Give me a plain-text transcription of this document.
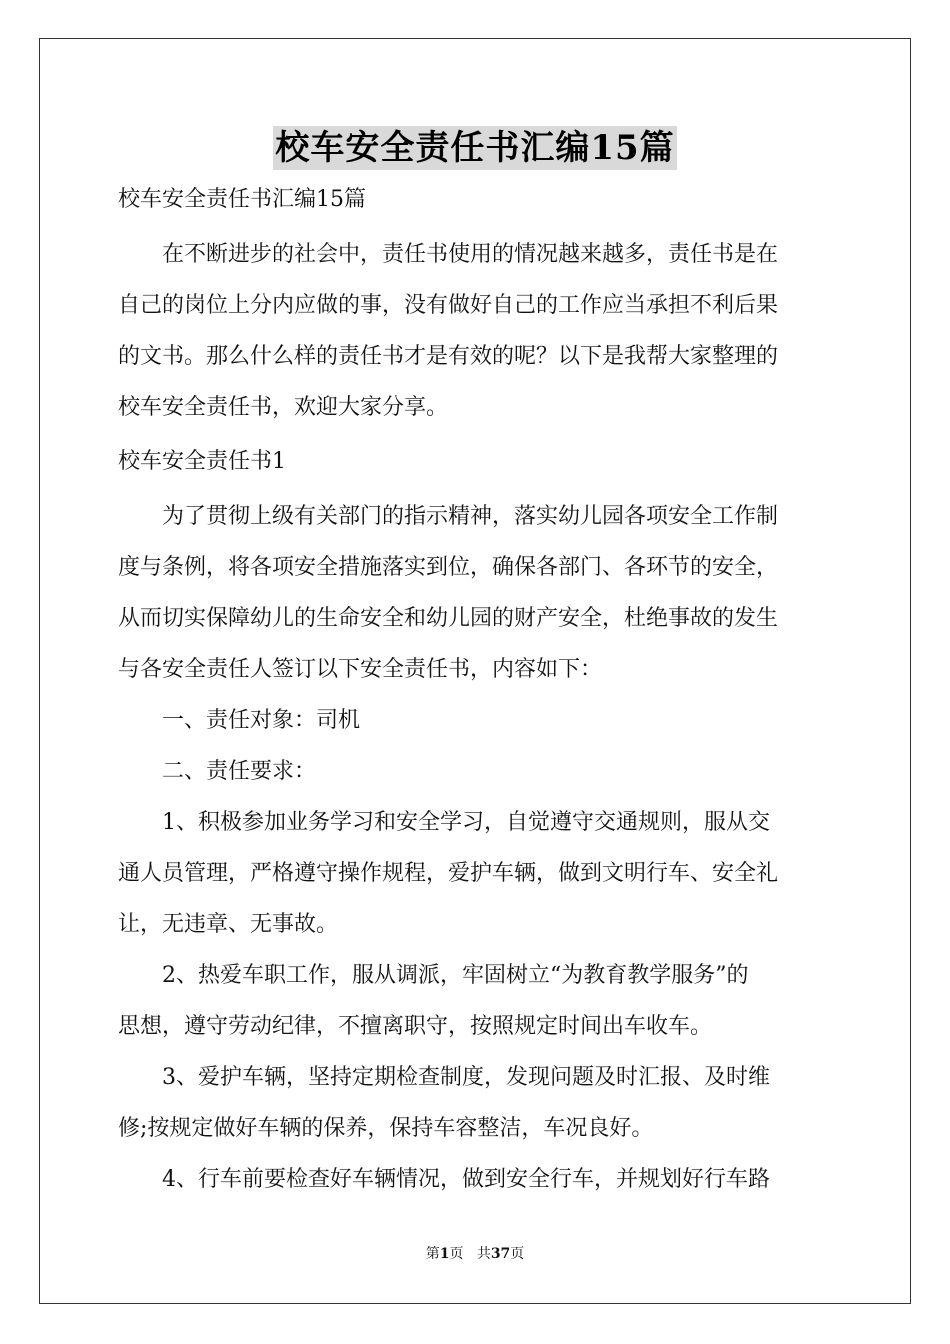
校车安全责任书汇编15篇

校车安全责任书汇编15篇

在不断进步的社会中，责任书使用的情况越来越多，责任书是在

自己的岗位上分内应做的事，没有做好自己的工作应当承担不利后果

的文书。那么什么样的责任书才是有效的呢？以下是我帮大家整理的

校车安全责任书，欢迎大家分享。

校车安全责任书1

为了贯彻上级有关部门的指示精神，落实幼儿园各项安全工作制

度与条例，将各项安全措施落实到位，确保各部门、各环节的安全，

从而切实保障幼儿的生命安全和幼儿园的财产安全，杜绝事故的发生

与各安全责任人签订以下安全责任书，内容如下：

一、责任对象：司机

二、责任要求：

1、积极参加业务学习和安全学习，自觉遵守交通规则，服从交

通人员管理，严格遵守操作规程，爱护车辆，做到文明行车、安全礼

让，无违章、无事故。

2、热爱车职工作，服从调派，牢固树立“为教育教学服务”的

思想，遵守劳动纪律，不擅离职守，按照规定时间出车收车。

3、爱护车辆，坚持定期检查制度，发现问题及时汇报、及时维

修;按规定做好车辆的保养，保持车容整洁，车况良好。

4、行车前要检查好车辆情况，做到安全行车，并规划好行车路

第1页 共37页
